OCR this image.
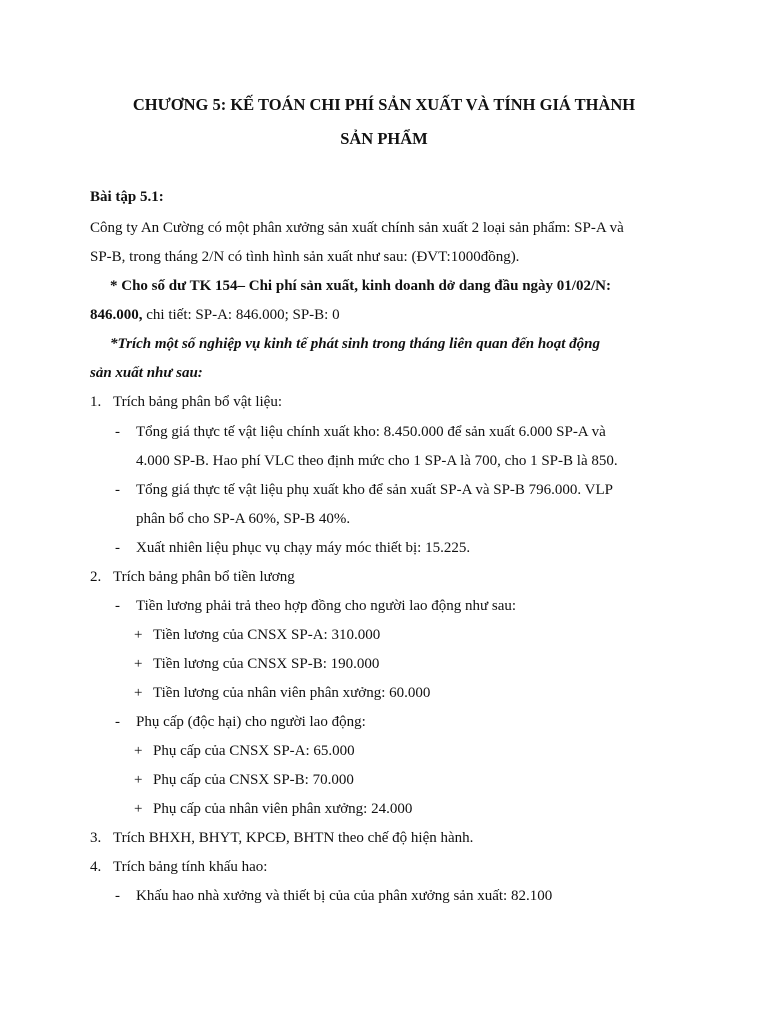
CHƯƠNG 5: KẾ TOÁN CHI PHÍ SẢN XUẤT VÀ TÍNH GIÁ THÀNH
SẢN PHẨM
Bài tập 5.1:
Công ty An Cường có một phân xưởng sản xuất chính sản xuất 2 loại sản phẩm: SP-A và
SP-B, trong tháng 2/N có tình hình sản xuất như sau: (ĐVT:1000đồng).
* Cho số dư TK 154– Chi phí sản xuất, kinh doanh dở dang đầu ngày 01/02/N:
846.000, chi tiết: SP-A: 846.000; SP-B: 0
*Trích một số nghiệp vụ kinh tế phát sinh trong tháng liên quan đến hoạt động
sản xuất như sau:
1. Trích bảng phân bổ vật liệu:
- Tổng giá thực tế vật liệu chính xuất kho: 8.450.000 để sản xuất 6.000 SP-A và
4.000 SP-B. Hao phí VLC theo định mức cho 1 SP-A là 700, cho 1 SP-B là 850.
- Tổng giá thực tế vật liệu phụ xuất kho để sản xuất SP-A và SP-B 796.000. VLP
phân bổ cho SP-A 60%, SP-B 40%.
- Xuất nhiên liệu phục vụ chạy máy móc thiết bị: 15.225.
2. Trích bảng phân bổ tiền lương
- Tiền lương phải trả theo hợp đồng cho người lao động như sau:
+ Tiền lương của CNSX SP-A: 310.000
+ Tiền lương của CNSX SP-B: 190.000
+ Tiền lương của nhân viên phân xưởng: 60.000
- Phụ cấp (độc hại) cho người lao động:
+ Phụ cấp của CNSX SP-A: 65.000
+ Phụ cấp của CNSX SP-B: 70.000
+ Phụ cấp của nhân viên phân xưởng: 24.000
3. Trích BHXH, BHYT, KPCĐ, BHTN theo chế độ hiện hành.
4. Trích bảng tính khấu hao:
- Khấu hao nhà xưởng và thiết bị của của phân xưởng sản xuất: 82.100
